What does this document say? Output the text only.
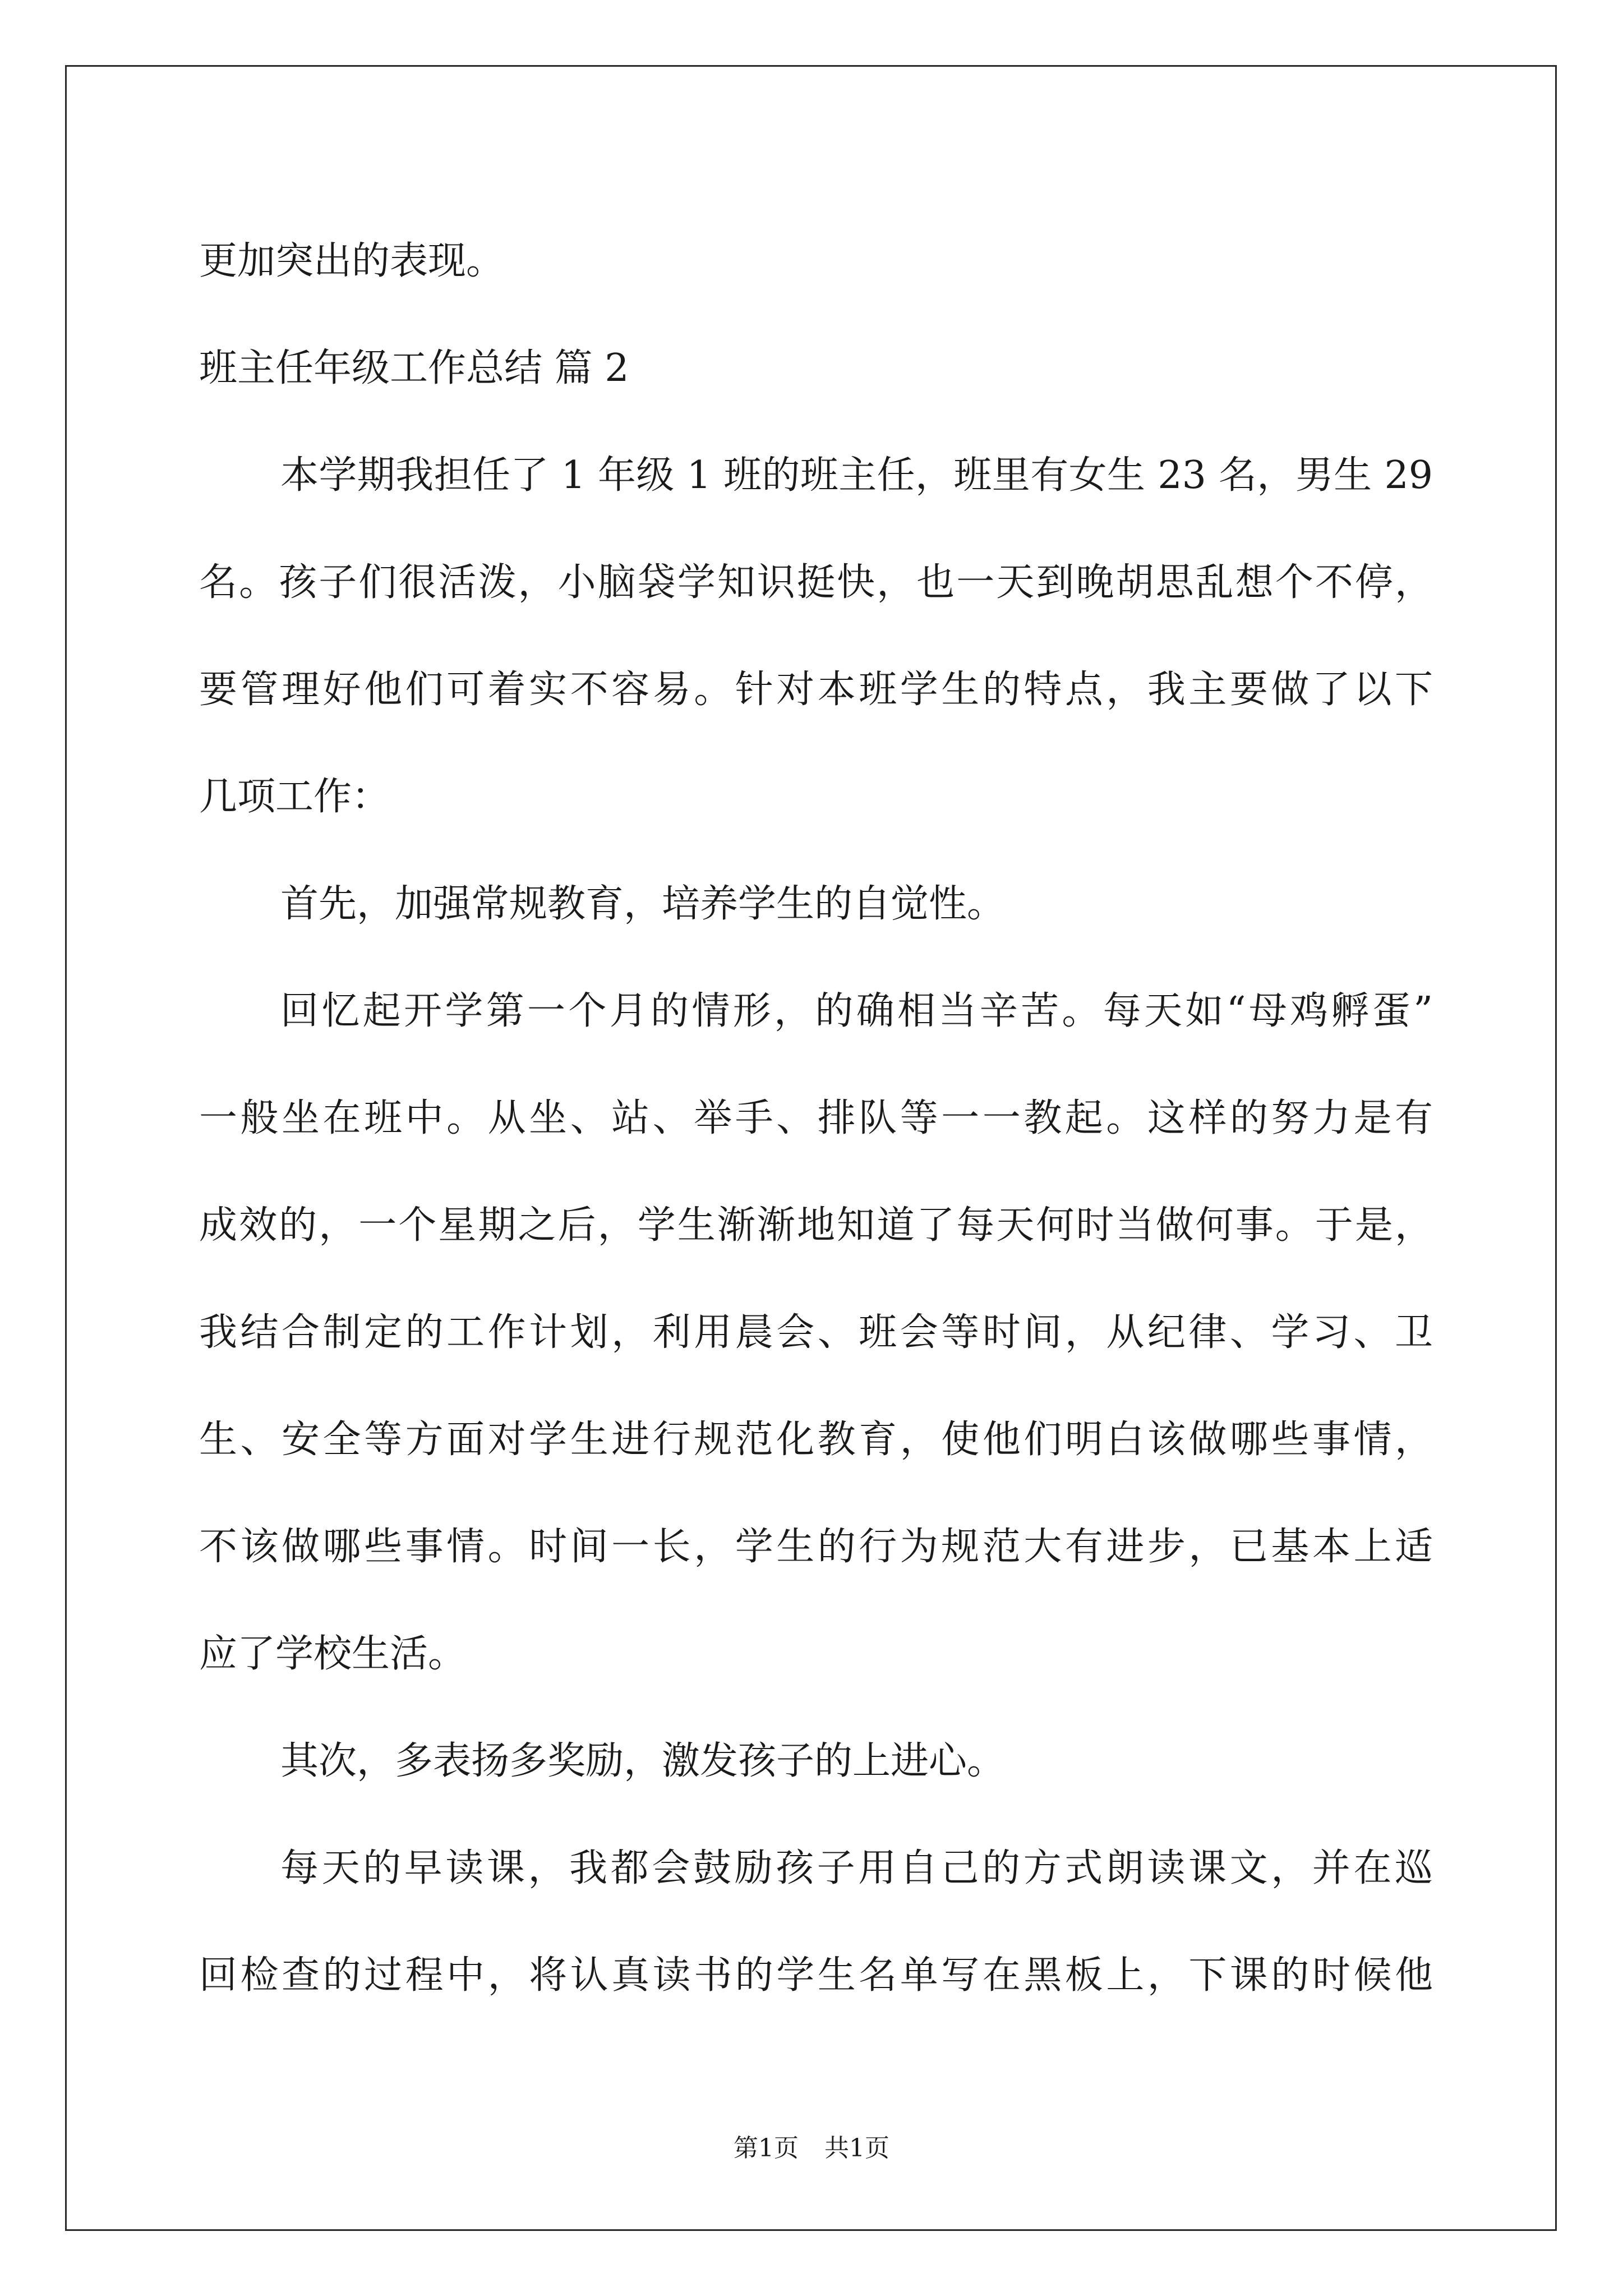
更加突出的表现。
班主任年级工作总结 篇 2
本学期我担任了 1 年级 1 班的班主任，班里有女生 23 名，男生 29
名。孩子们很活泼，小脑袋学知识挺快，也一天到晚胡思乱想个不停，
要管理好他们可着实不容易。针对本班学生的特点，我主要做了以下
几项工作：
首先，加强常规教育，培养学生的自觉性。
回忆起开学第一个月的情形，的确相当辛苦。每天如“母鸡孵蛋”
一般坐在班中。从坐、站、举手、排队等一一教起。这样的努力是有
成效的，一个星期之后，学生渐渐地知道了每天何时当做何事。于是，
我结合制定的工作计划，利用晨会、班会等时间，从纪律、学习、卫
生、安全等方面对学生进行规范化教育，使他们明白该做哪些事情，
不该做哪些事情。时间一长，学生的行为规范大有进步，已基本上适
应了学校生活。
其次，多表扬多奖励，激发孩子的上进心。
每天的早读课，我都会鼓励孩子用自己的方式朗读课文，并在巡
回检查的过程中，将认真读书的学生名单写在黑板上，下课的时候他
第1页 共1页
